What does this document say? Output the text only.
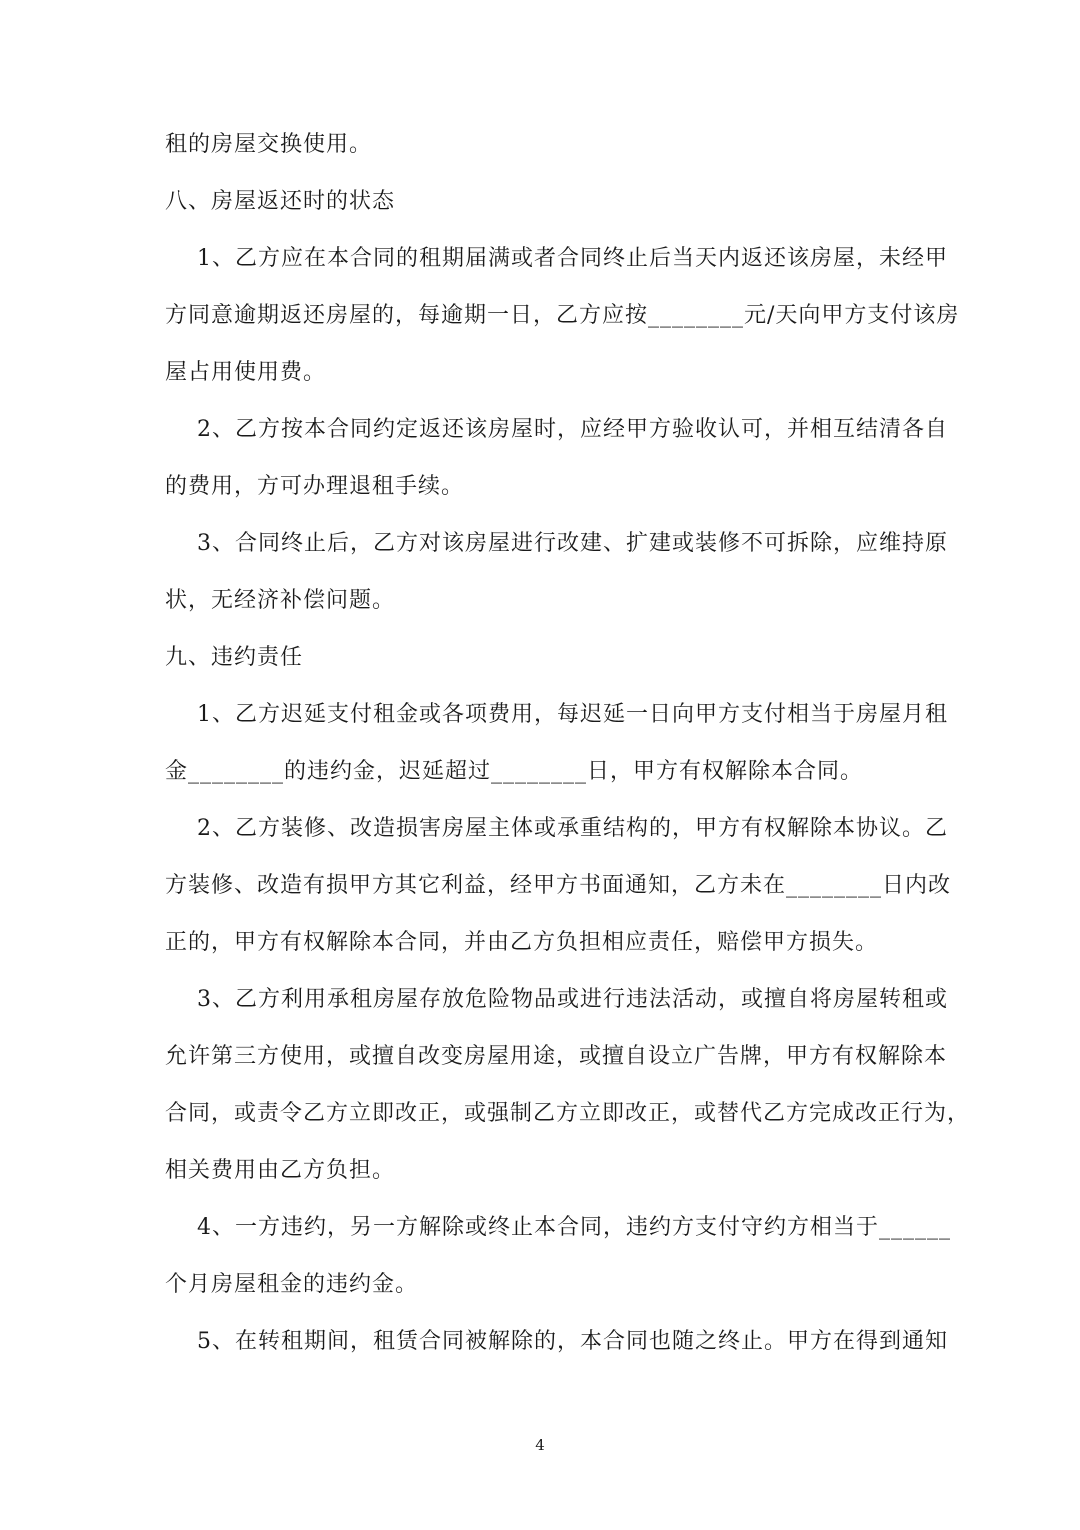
租的房屋交换使用。
八、房屋返还时的状态
1、乙方应在本合同的租期届满或者合同终止后当天内返还该房屋，未经甲
方同意逾期返还房屋的，每逾期一日，乙方应按________元/天向甲方支付该房
屋占用使用费。
2、乙方按本合同约定返还该房屋时，应经甲方验收认可，并相互结清各自
的费用，方可办理退租手续。
3、合同终止后，乙方对该房屋进行改建、扩建或装修不可拆除，应维持原
状，无经济补偿问题。
九、违约责任
1、乙方迟延支付租金或各项费用，每迟延一日向甲方支付相当于房屋月租
金________的违约金，迟延超过________日，甲方有权解除本合同。
2、乙方装修、改造损害房屋主体或承重结构的，甲方有权解除本协议。乙
方装修、改造有损甲方其它利益，经甲方书面通知，乙方未在________日内改
正的，甲方有权解除本合同，并由乙方负担相应责任，赔偿甲方损失。
3、乙方利用承租房屋存放危险物品或进行违法活动，或擅自将房屋转租或
允许第三方使用，或擅自改变房屋用途，或擅自设立广告牌，甲方有权解除本
合同，或责令乙方立即改正，或强制乙方立即改正，或替代乙方完成改正行为，
相关费用由乙方负担。
4、一方违约，另一方解除或终止本合同，违约方支付守约方相当于______
个月房屋租金的违约金。
5、在转租期间，租赁合同被解除的，本合同也随之终止。甲方在得到通知
4
